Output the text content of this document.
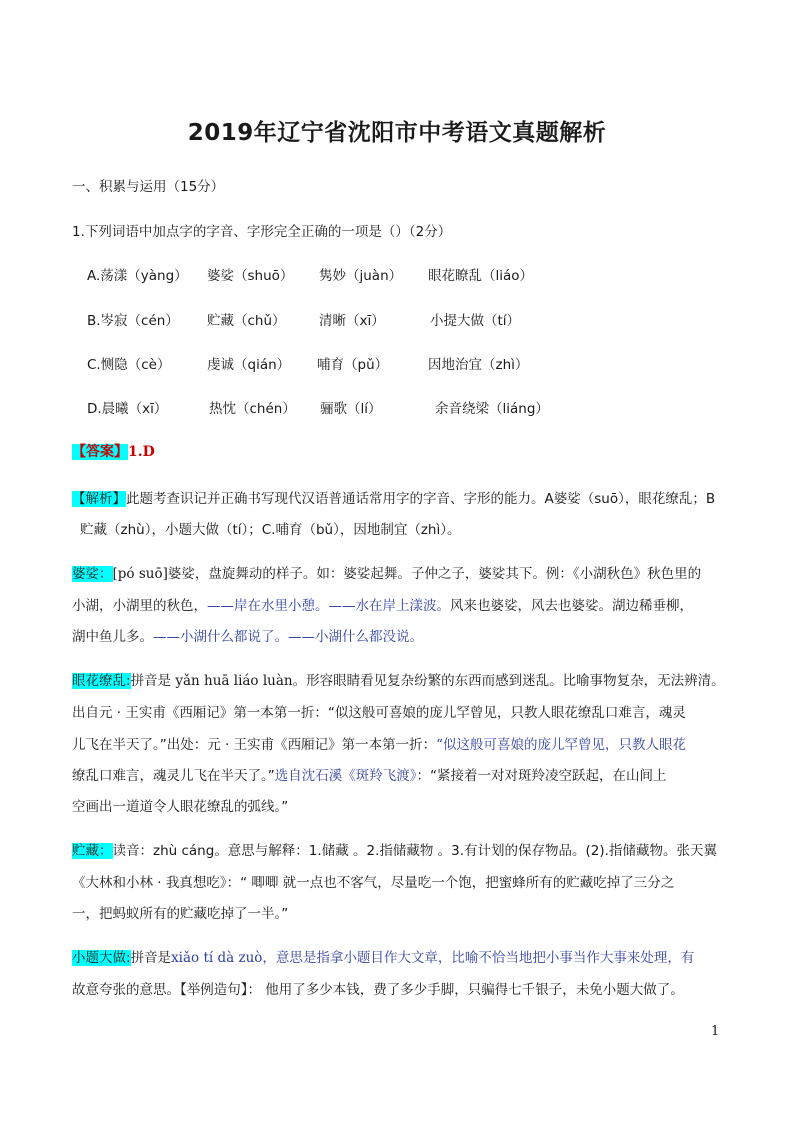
2019年辽宁省沈阳市中考语文真题解析
一、积累与运用（15分）
1.下列词语中加点字的字音、字形完全正确的一项是（）（2分）
A.荡漾（yàng） 婆娑（shuō） 隽妙（juàn） 眼花瞭乱（liáo）
B.岑寂（cén） 贮藏（chǔ） 清晰（xī）	小提大做（tí）
C.恻隐（cè）	虔诚（qián） 哺育（pǔ）	因地治宜（zhì）
D.晨曦（xī）	热忱（chén） 骊歌（lí）	余音绕梁（liáng）
【答案】1.D
【解析】此题考查识记并正确书写现代汉语普通话常用字的字音、字形的能力。A婆娑（suō），眼花缭乱；B
贮藏（zhù），小题大做（tí）；C.哺育（bǔ），因地制宜（zhì）。
婆娑：[pó suō]婆娑，盘旋舞动的样子。如：婆娑起舞。子仲之子，婆娑其下。例：《小湖秋色》秋色里的
小湖，小湖里的秋色，——岸在水里小憩。——水在岸上漾波。风来也婆娑，风去也婆娑。湖边稀垂柳，
湖中鱼儿多。——小湖什么都说了。——小湖什么都没说。
眼花缭乱:拼音是 yǎn huā liáo luàn。形容眼睛看见复杂纷繁的东西而感到迷乱。比喻事物复杂，无法辨清。
出自元 · 王实甫《西厢记》第一本第一折：“似这般可喜娘的庞儿罕曾见，只教人眼花缭乱口难言，魂灵
儿飞在半天了。”出处：元 · 王实甫《西厢记》第一本第一折：“似这般可喜娘的庞儿罕曾见，只教人眼花
缭乱口难言，魂灵儿飞在半天了。”选自沈石溪《斑羚飞渡》：“紧接着一对对斑羚凌空跃起，在山间上
空画出一道道令人眼花缭乱的弧线。”
贮藏：读音：zhù cáng。意思与解释：1.储藏 。2.指储藏物 。3.有计划的保存物品。(2).指储藏物。张天翼
《大林和小林 · 我真想吃》：“ 唧唧 就一点也不客气，尽量吃一个饱，把蜜蜂所有的贮藏吃掉了三分之
一，把蚂蚁所有的贮藏吃掉了一半。”
小题大做:拼音是xiǎo tí dà zuò，意思是指拿小题目作大文章，比喻不恰当地把小事当作大事来处理，有
故意夸张的意思。【举例造句】： 他用了多少本钱，费了多少手脚，只骗得七千银子，未免小题大做了。
1
